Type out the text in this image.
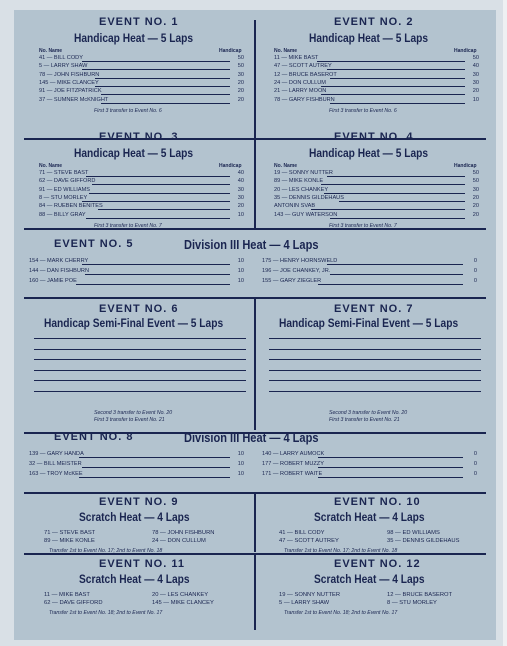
EVENT NO. 1
Handicap Heat — 5 Laps
No. Name	Handicap
41 — BILL CODY	50
5 — LARRY SHAW	50
78 — JOHN FISHBURN	30
145 — MIKE CLANCEY	20
91 — JOE FITZPATRICK	20
37 — SUMNER McKNIGHT	20
First 3 transfer to Event No. 6
EVENT NO. 2
Handicap Heat — 5 Laps
No. Name	Handicap
11 — MIKE BAST	50
47 — SCOTT AUTREY	40
12 — BRUCE BASEROT	30
24 — DON CULLUM	30
21 — LARRY MOON	20
78 — GARY FISHBURN	10
First 3 transfer to Event No. 6
EVENT NO. 3
Handicap Heat — 5 Laps
No. Name	Handicap
71 — STEVE BAST	40
62 — DAVE GIFFORD	40
91 — ED WILLIAMS	30
8 — STU MORLEY	30
84 — RUEBEN BENITES	20
88 — BILLY GRAY	10
First 3 transfer to Event No. 7
EVENT NO. 4
Handicap Heat — 5 Laps
No. Name	Handicap
19 — SONNY NUTTER	50
89 — MIKE KONLE	50
20 — LES CHANKEY	30
35 — DENNIS GILDEHAUS	20
ANTONIN SVAB	20
143 — GUY WATERSON	20
First 3 transfer to Event No. 7
EVENT NO. 5	Division III Heat — 4 Laps
154 — MARK CHERRY	10
144 — DAN FISHBURN	10
160 — JAMIE POE	10
175 — HENRY HORNSWELD	0
196 — JOE CHANKEY, JR.	0
155 — GARY ZIEGLER	0
EVENT NO. 8	Division III Heat — 4 Laps
139 — GARY HANDA	10
32 — BILL MEISTER	10
163 — TROY McKEE	10
140 — LARRY AUMOCK	0
177 — ROBERT MUZZY	0
171 — ROBERT WAITE	0
EVENT NO. 6
Handicap Semi-Final Event — 5 Laps
Second 3 transfer to Event No. 20
First 3 transfer to Event No. 21
EVENT NO. 7
Handicap Semi-Final Event — 5 Laps
Second 3 transfer to Event No. 20
First 3 transfer to Event No. 21
EVENT NO. 9
Scratch Heat — 4 Laps
71 — STEVE BAST	78 — JOHN FISHBURN
89 — MIKE KONLE	24 — DON CULLUM
Transfer 1st to Event No. 17; 2nd to Event No. 18
EVENT NO. 10
Scratch Heat — 4 Laps
41 — BILL CODY	98 — ED WILLIAMS
47 — SCOTT AUTREY	35 — DENNIS GILDEHAUS
Transfer 1st to Event No. 17; 2nd to Event No. 18
EVENT NO. 11
Scratch Heat — 4 Laps
11 — MIKE BAST	20 — LES CHANKEY
62 — DAVE GIFFORD	145 — MIKE CLANCEY
Transfer 1st to Event No. 18; 2nd to Event No. 17
EVENT NO. 12
Scratch Heat — 4 Laps
19 — SONNY NUTTER	12 — BRUCE BASEROT
5 — LARRY SHAW	8 — STU MORLEY
Transfer 1st to Event No. 18; 2nd to Event No. 17
